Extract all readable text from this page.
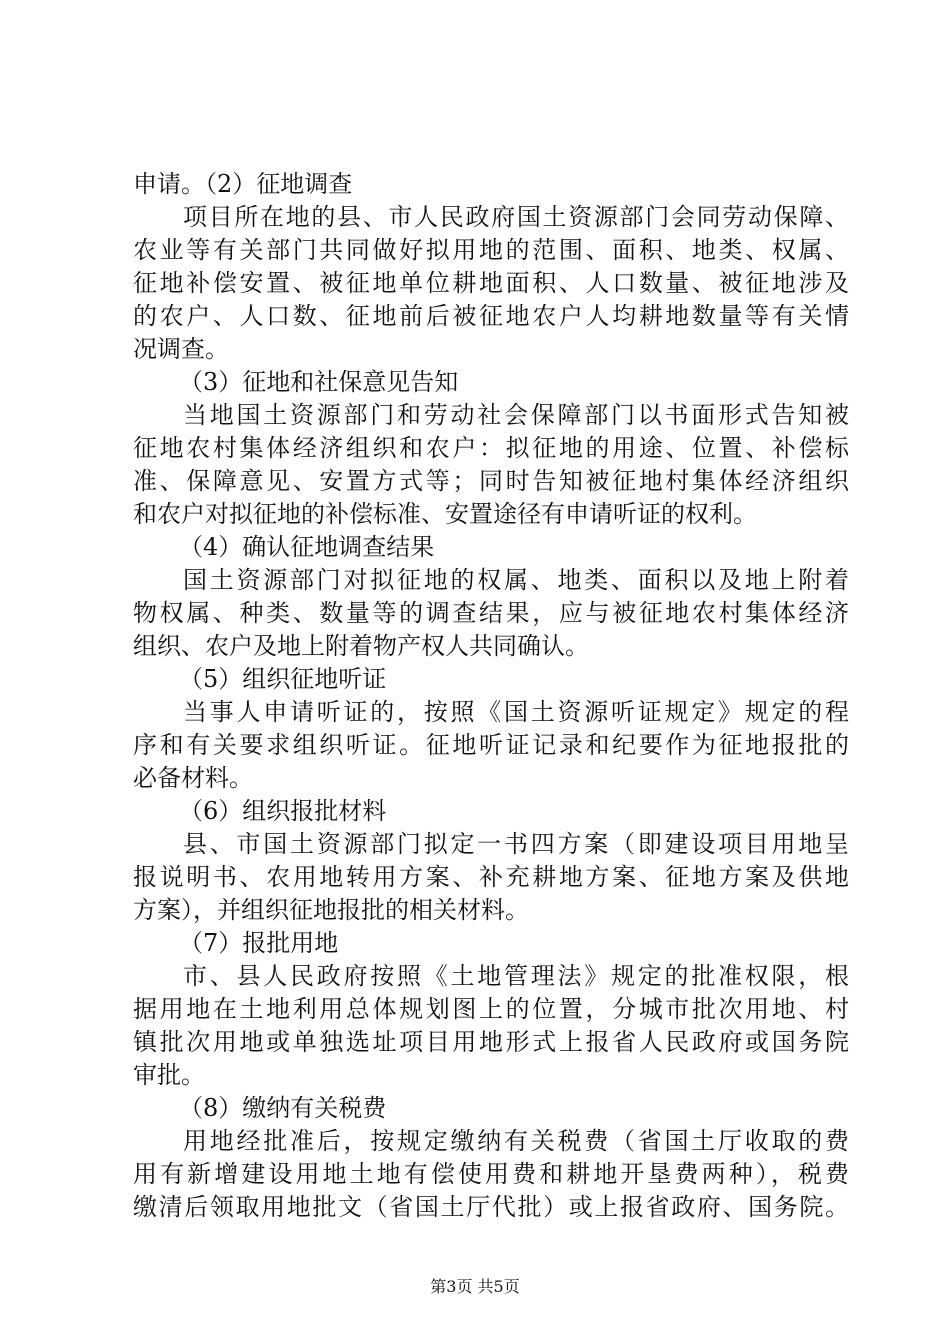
申请。（2）征地调查
项目所在地的县、市人民政府国土资源部门会同劳动保障、
农业等有关部门共同做好拟用地的范围、面积、地类、权属、
征地补偿安置、被征地单位耕地面积、人口数量、被征地涉及
的农户、人口数、征地前后被征地农户人均耕地数量等有关情
况调查。
（3）征地和社保意见告知
当地国土资源部门和劳动社会保障部门以书面形式告知被
征地农村集体经济组织和农户：拟征地的用途、位置、补偿标
准、保障意见、安置方式等；同时告知被征地村集体经济组织
和农户对拟征地的补偿标准、安置途径有申请听证的权利。
（4）确认征地调查结果
国土资源部门对拟征地的权属、地类、面积以及地上附着
物权属、种类、数量等的调查结果，应与被征地农村集体经济
组织、农户及地上附着物产权人共同确认。
（5）组织征地听证
当事人申请听证的，按照《国土资源听证规定》规定的程
序和有关要求组织听证。征地听证记录和纪要作为征地报批的
必备材料。
（6）组织报批材料
县、市国土资源部门拟定一书四方案（即建设项目用地呈
报说明书、农用地转用方案、补充耕地方案、征地方案及供地
方案），并组织征地报批的相关材料。
（7）报批用地
市、县人民政府按照《土地管理法》规定的批准权限，根
据用地在土地利用总体规划图上的位置，分城市批次用地、村
镇批次用地或单独选址项目用地形式上报省人民政府或国务院
审批。
（8）缴纳有关税费
用地经批准后，按规定缴纳有关税费（省国土厅收取的费
用有新增建设用地土地有偿使用费和耕地开垦费两种），税费
缴清后领取用地批文（省国土厅代批）或上报省政府、国务院。
第3页 共5页
